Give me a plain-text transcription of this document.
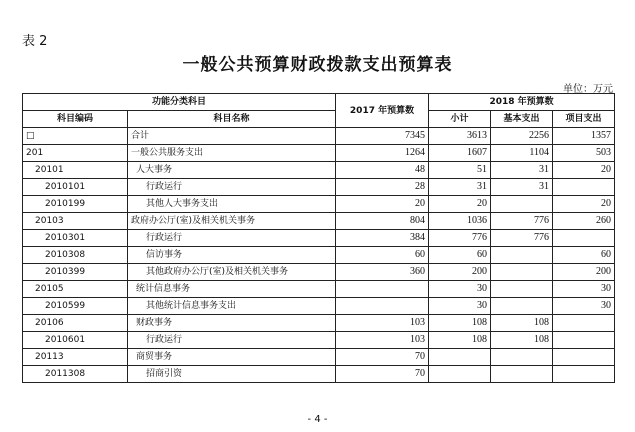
表 2
一般公共预算财政拨款支出预算表
单位：万元
功能分类科目		2017 年预算数	2018 年预算数		
科目编码	科目名称		小计	基本支出	项目支出
□	合计	7345	3613	2256	1357
201	一般公共服务支出	1264	1607	1104	503
20101	人大事务	48	51	31	20
2010101	行政运行	28	31	31	
2010199	其他人大事务支出	20	20		20
20103	政府办公厅(室)及相关机关事务	804	1036	776	260
2010301	行政运行	384	776	776	
2010308	信访事务	60	60		60
2010399	其他政府办公厅(室)及相关机关事务	360	200		200
20105	统计信息事务		30		30
2010599	其他统计信息事务支出		30		30
20106	财政事务	103	108	108	
2010601	行政运行	103	108	108	
20113	商贸事务	70			
2011308	招商引资	70			
- 4 -
